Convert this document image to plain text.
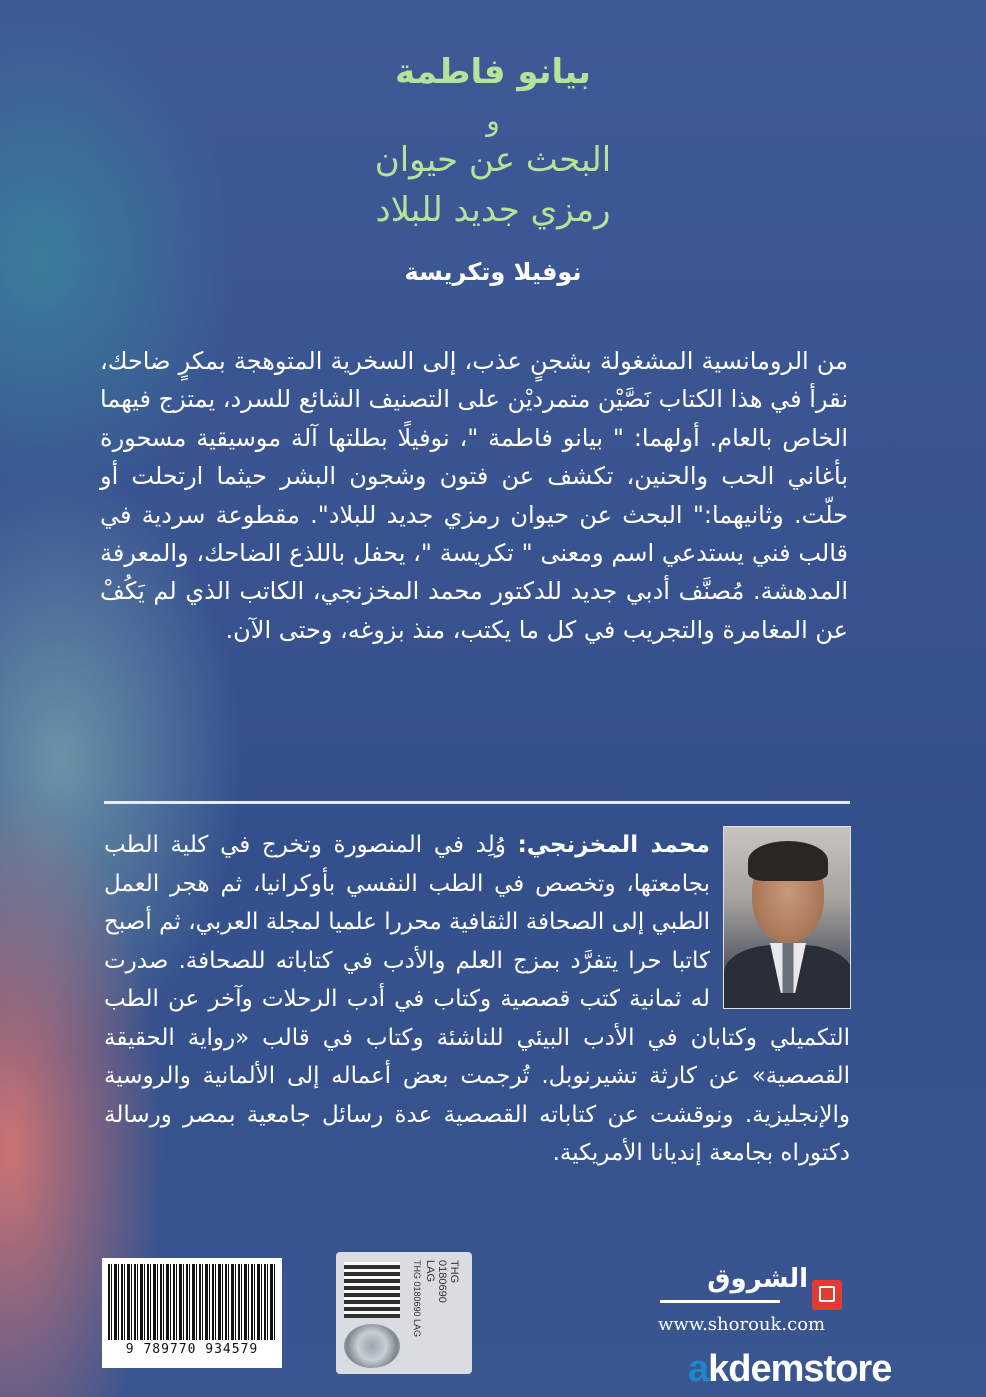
بيانو فاطمة
و
البحث عن حيوان
رمزي جديد للبلاد
نوفيلا وتكريسة

من الرومانسية المشغولة بشجنٍ عذب، إلى السخرية المتوهجة بمكرٍ ضاحك، نقرأ في هذا الكتاب نَصَّيْن متمرديْن على التصنيف الشائع للسرد، يمتزج فيهما الخاص بالعام. أولهما: " بيانو فاطمة "، نوفيلًا بطلتها آلة موسيقية مسحورة بأغاني الحب والحنين، تكشف عن فتون وشجون البشر حيثما ارتحلت أو حلّت. وثانيهما:" البحث عن حيوان رمزي جديد للبلاد". مقطوعة سردية في قالب فني يستدعي اسم ومعنى " تكريسة "، يحفل باللذع الضاحك، والمعرفة المدهشة. مُصنَّف أدبي جديد للدكتور محمد المخزنجي، الكاتب الذي لم يَكُفْ عن المغامرة والتجريب في كل ما يكتب، منذ بزوغه، وحتى الآن.

محمد المخزنجي: وُلِد في المنصورة وتخرج في كلية الطب بجامعتها، وتخصص في الطب النفسي بأوكرانيا، ثم هجر العمل الطبي إلى الصحافة الثقافية محررا علميا لمجلة العربي، ثم أصبح كاتبا حرا يتفرَّد بمزج العلم والأدب في كتاباته للصحافة. صدرت له ثمانية كتب قصصية وكتاب في أدب الرحلات وآخر عن الطب التكميلي وكتابان في الأدب البيئي للناشئة وكتاب في قالب «رواية الحقيقة القصصية» عن كارثة تشيرنوبل. تُرجمت بعض أعماله إلى الألمانية والروسية والإنجليزية. ونوقشت عن كتاباته القصصية عدة رسائل جامعية بمصر ورسالة دكتوراه بجامعة إنديانا الأمريكية.

9 789770 934579
THG
0180690
LAG
THG 0180690 LAG	الشروق
www.shorouk.com
akdemstore
